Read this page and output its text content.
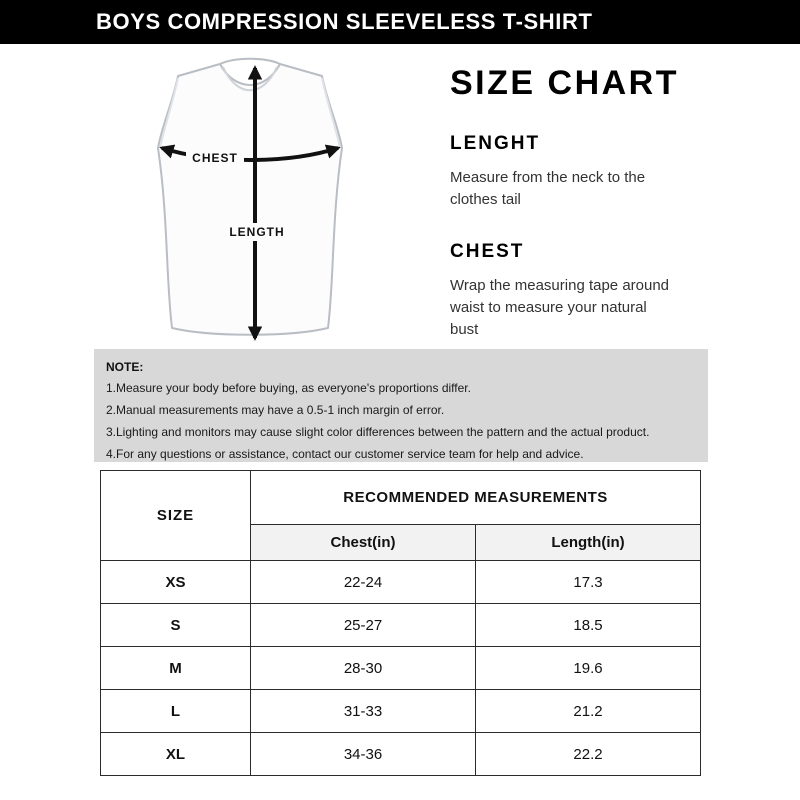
BOYS COMPRESSION SLEEVELESS T-SHIRT
CHEST
LENGTH
SIZE CHART
LENGHT
Measure from the neck to the clothes tail
CHEST
Wrap the measuring tape around waist to measure your natural bust
NOTE:
1.Measure your body before buying, as everyone's proportions differ.
2.Manual measurements may have a 0.5-1 inch margin of error.
3.Lighting and monitors may cause slight color differences between the pattern and the actual product.
4.For any questions or assistance, contact our customer service team for help and advice.
SIZE	RECOMMENDED MEASUREMENTS	
	Chest(in)	Length(in)
XS	22-24	17.3
S	25-27	18.5
M	28-30	19.6
L	31-33	21.2
XL	34-36	22.2
